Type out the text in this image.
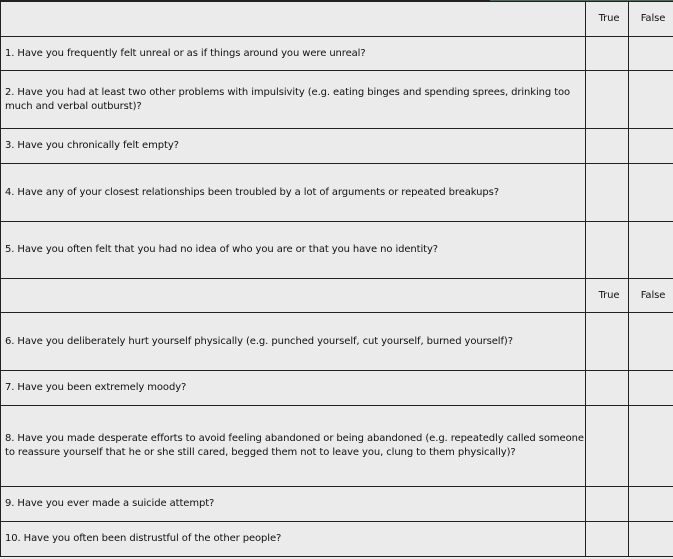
	True	False
1. Have you frequently felt unreal or as if things around you were unreal?		
2. Have you had at least two other problems with impulsivity (e.g. eating binges and spending sprees, drinking too much and verbal outburst)?		
3. Have you chronically felt empty?		
4. Have any of your closest relationships been troubled by a lot of arguments or repeated breakups?		
5. Have you often felt that you had no idea of who you are or that you have no identity?		
	True	False
6. Have you deliberately hurt yourself physically (e.g. punched yourself, cut yourself, burned yourself)?		
7. Have you been extremely moody?		
8. Have you made desperate efforts to avoid feeling abandoned or being abandoned (e.g. repeatedly called someone to reassure yourself that he or she still cared, begged them not to leave you, clung to them physically)?		
9. Have you ever made a suicide attempt?		
10. Have you often been distrustful of the other people?		
